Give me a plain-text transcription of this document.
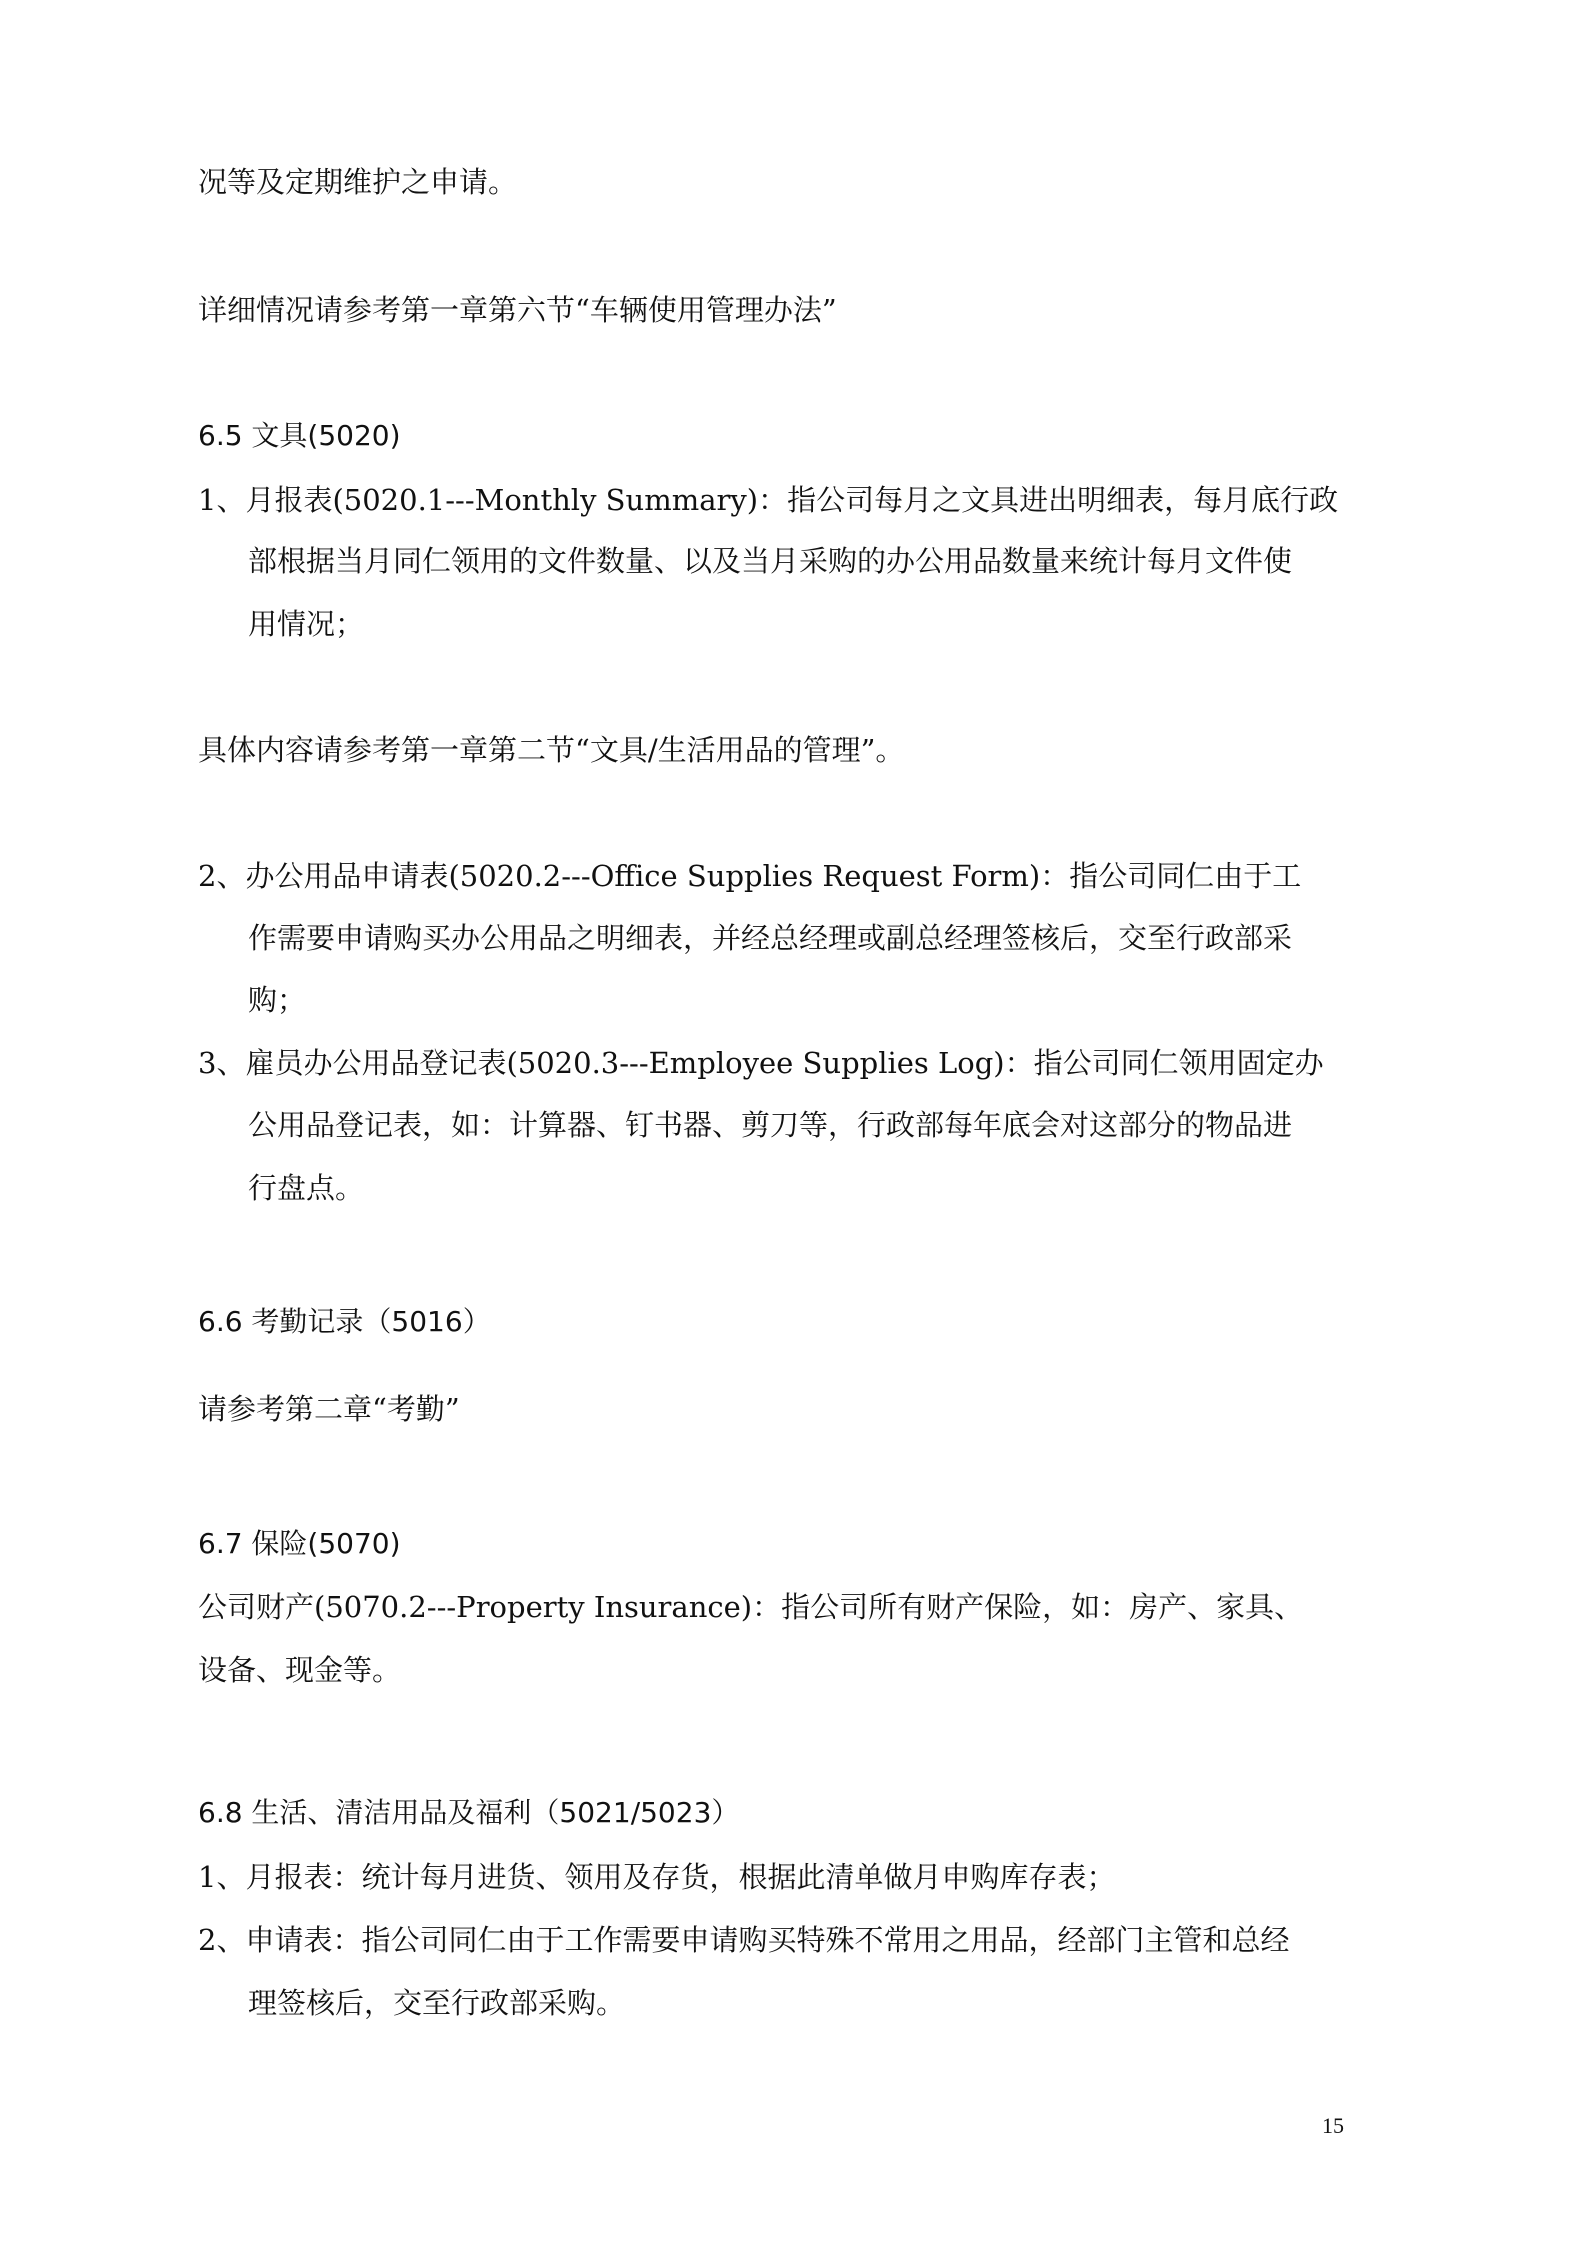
况等及定期维护之申请。

详细情况请参考第一章第六节“车辆使用管理办法”

6.5 文具(5020)

1、月报表(5020.1---Monthly Summary)：指公司每月之文具进出明细表，每月底行政

部根据当月同仁领用的文件数量、以及当月采购的办公用品数量来统计每月文件使

用情况；

具体内容请参考第一章第二节“文具/生活用品的管理”。

2、办公用品申请表(5020.2---Office Supplies Request Form)：指公司同仁由于工

作需要申请购买办公用品之明细表，并经总经理或副总经理签核后，交至行政部采

购；

3、雇员办公用品登记表(5020.3---Employee Supplies Log)：指公司同仁领用固定办

公用品登记表，如：计算器、钉书器、剪刀等，行政部每年底会对这部分的物品进

行盘点。

6.6 考勤记录（5016）

请参考第二章“考勤”

6.7 保险(5070)

公司财产(5070.2---Property Insurance)：指公司所有财产保险，如：房产、家具、

设备、现金等。

6.8 生活、清洁用品及福利（5021/5023）

1、月报表：统计每月进货、领用及存货，根据此清单做月申购库存表；

2、申请表：指公司同仁由于工作需要申请购买特殊不常用之用品，经部门主管和总经

理签核后，交至行政部采购。

15
